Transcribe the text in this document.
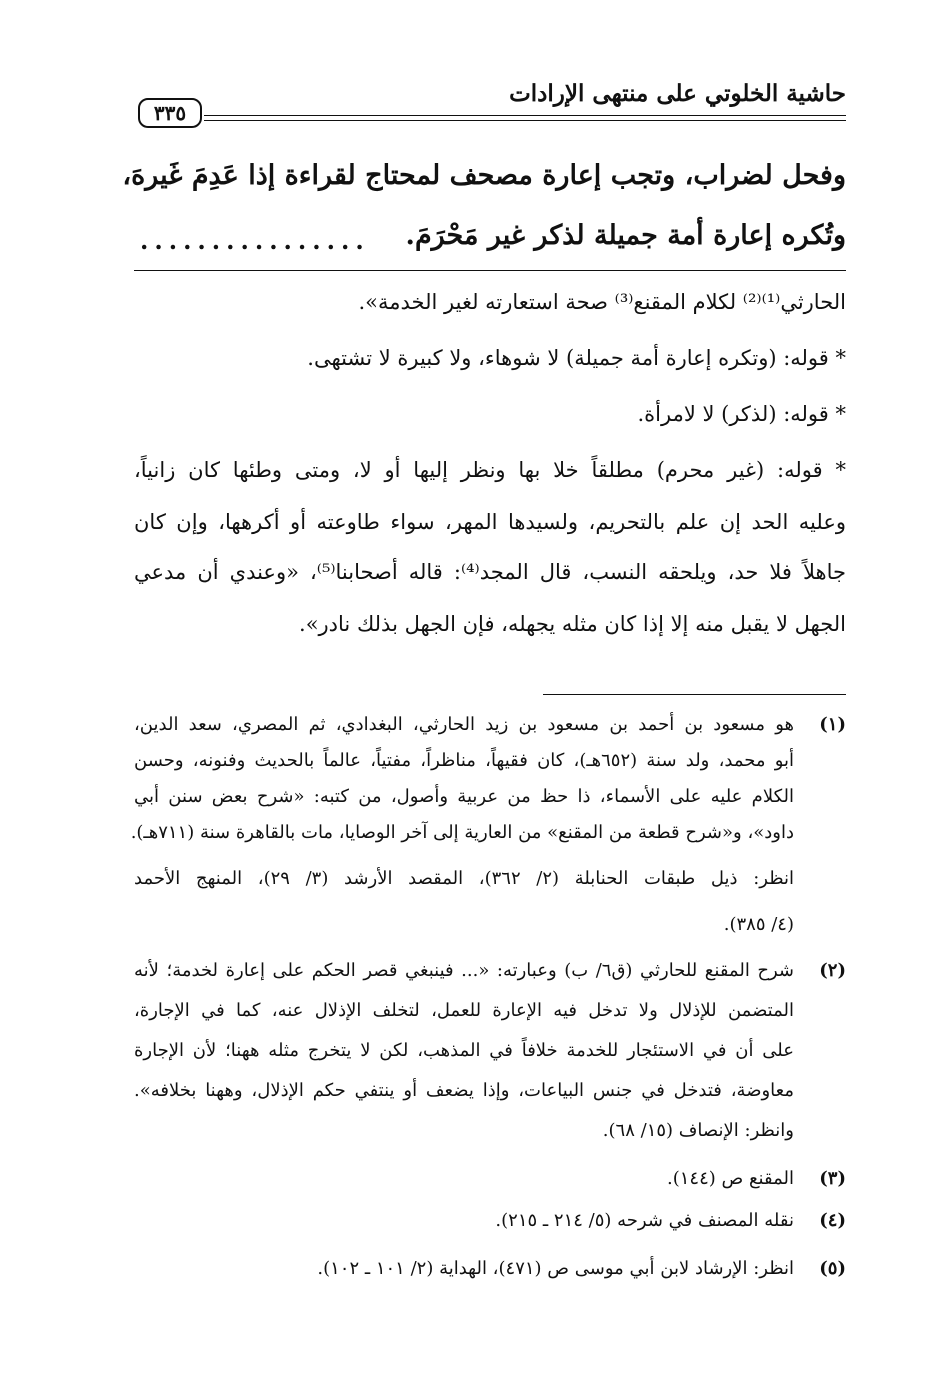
حاشية الخلوتي على منتهى الإرادات
٣٣٥
وفحل لضراب، وتجب إعارة مصحف لمحتاج لقراءة إذا عَدِمَ غَيرهَ،
وتُكره إعارة أمة جميلة لذكر غير مَحْرَمَ.
................
الحارثي⁽¹⁾⁽²⁾ لكلام المقنع⁽³⁾ صحة استعارته لغير الخدمة».
* قوله: (وتكره إعارة أمة جميلة) لا شوهاء، ولا كبيرة لا تشتهى.
* قوله: (لذكر) لا لامرأة.
* قوله: (غير محرم) مطلقاً خلا بها ونظر إليها أو لا، ومتى وطئها كان زانياً،
وعليه الحد إن علم بالتحريم، ولسيدها المهر، سواء طاوعته أو أكرهها، وإن كان
جاهلاً فلا حد، ويلحقه النسب، قال المجد⁽⁴⁾: قاله أصحابنا⁽⁵⁾، «وعندي أن مدعي
الجهل لا يقبل منه إلا إذا كان مثله يجهله، فإن الجهل بذلك نادر».
(١)
هو مسعود بن أحمد بن مسعود بن زيد الحارثي، البغدادي، ثم المصري، سعد الدين،
أبو محمد، ولد سنة (٦٥٢هـ)، كان فقيهاً، مناظراً، مفتياً، عالماً بالحديث وفنونه، وحسن
الكلام عليه على الأسماء، ذا حظ من عربية وأصول، من كتبه: «شرح بعض سنن أبي
داود»، و«شرح قطعة من المقنع» من العارية إلى آخر الوصايا، مات بالقاهرة سنة (٧١١هـ).
انظر: ذيل طبقات الحنابلة (٢/ ٣٦٢)، المقصد الأرشد (٣/ ٢٩)، المنهج الأحمد
(٤/ ٣٨٥).
(٢)
شرح المقنع للحارثي (ق٦/ ب) وعبارته: «... فينبغي قصر الحكم على إعارة لخدمة؛ لأنه
المتضمن للإذلال ولا تدخل فيه الإعارة للعمل، لتخلف الإذلال عنه، كما في الإجارة،
على أن في الاستئجار للخدمة خلافاً في المذهب، لكن لا يتخرج مثله ههنا؛ لأن الإجارة
معاوضة، فتدخل في جنس البياعات، وإذا يضعف أو ينتفي حكم الإذلال، وههنا بخلافه».
وانظر: الإنصاف (١٥/ ٦٨).
(٣)
المقنع ص (١٤٤).
(٤)
نقله المصنف في شرحه (٥/ ٢١٤ ـ ٢١٥).
(٥)
انظر: الإرشاد لابن أبي موسى ص (٤٧١)، الهداية (٢/ ١٠١ ـ ١٠٢).
